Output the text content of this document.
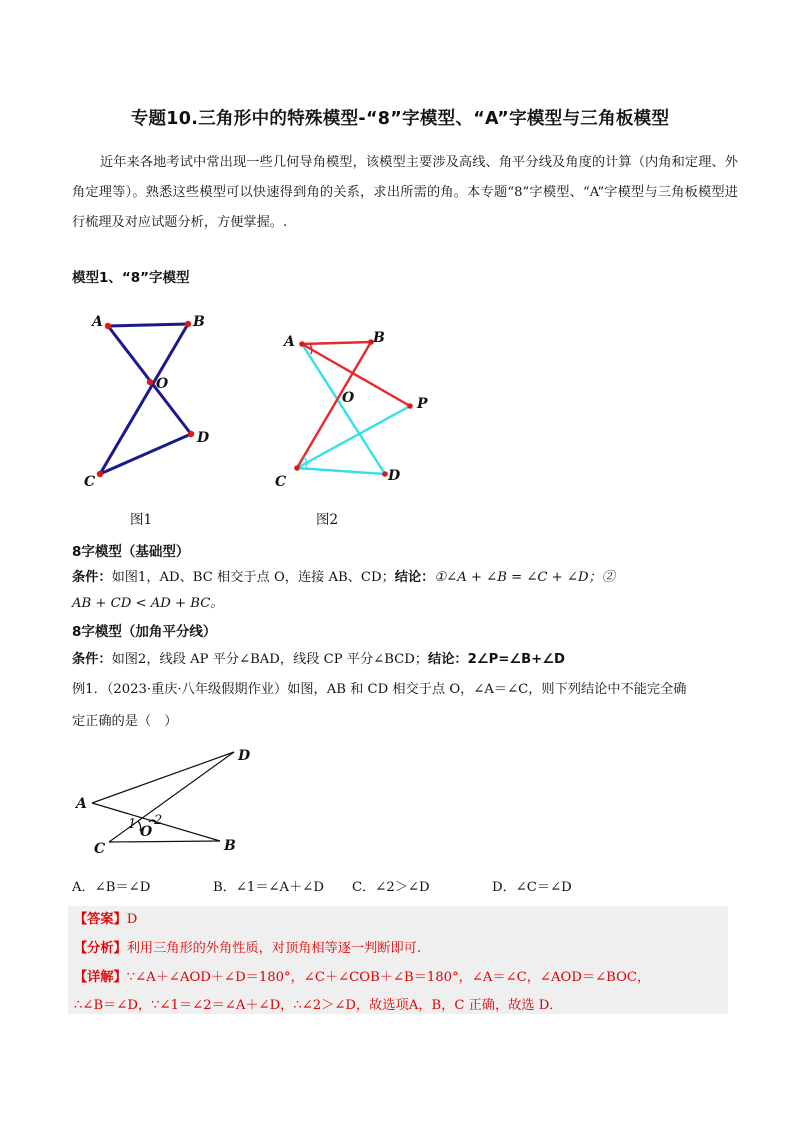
专题10.三角形中的特殊模型-“8”字模型、“A”字模型与三角板模型
近年来各地考试中常出现一些几何导角模型，该模型主要涉及高线、角平分线及角度的计算（内角和定理、外角定理等）。熟悉这些模型可以快速得到角的关系，求出所需的角。本专题“8”字模型、“A”字模型与三角板模型进行梳理及对应试题分析，方便掌握。.
模型1、“8”字模型
A	B
O
D
C
图1
A	B
O	P
C	D
图2
8字模型（基础型）
条件：如图1，AD、BC 相交于点 O，连接 AB、CD；结论：①∠A + ∠B = ∠C + ∠D；②
AB + CD < AD + BC。
8字模型（加角平分线）
条件：如图2，线段 AP 平分∠BAD，线段 CP 平分∠BCD；结论：2∠P=∠B+∠D
例1．（2023·重庆·八年级假期作业）如图，AB 和 CD 相交于点 O，∠A＝∠C，则下列结论中不能完全确
定正确的是（　）
D
A
O
C	B
1 2
A．∠B＝∠D	B．∠1＝∠A＋∠D C．∠2＞∠D	D．∠C＝∠D
【答案】D
【分析】利用三角形的外角性质，对顶角相等逐一判断即可.
【详解】∵∠A＋∠AOD＋∠D＝180°，∠C＋∠COB＋∠B＝180°，∠A＝∠C，∠AOD＝∠BOC，
∴∠B＝∠D，∵∠1＝∠2＝∠A＋∠D，∴∠2＞∠D，故选项A，B，C 正确，故选 D．
